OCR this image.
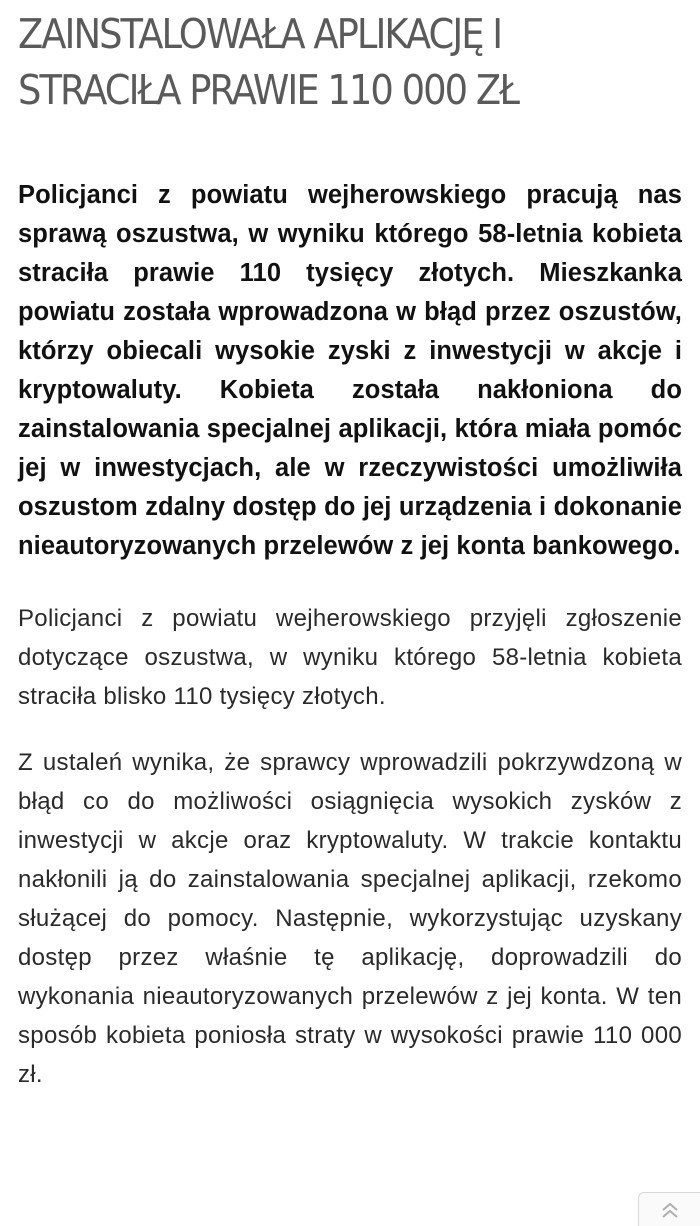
ZAINSTALOWAŁA APLIKACJĘ I STRACIŁA PRAWIE 110 000 ZŁ

Policjanci z powiatu wejherowskiego pracują nas sprawą oszustwa, w wyniku którego 58-letnia kobieta straciła prawie 110 tysięcy złotych. Mieszkanka powiatu została wprowadzona w błąd przez oszustów, którzy obiecali wysokie zyski z inwestycji w akcje i kryptowaluty. Kobieta została nakłoniona do zainstalowania specjalnej aplikacji, która miała pomóc jej w inwestycjach, ale w rzeczywistości umożliwiła oszustom zdalny dostęp do jej urządzenia i dokonanie nieautoryzowanych przelewów z jej konta bankowego.

Policjanci z powiatu wejherowskiego przyjęli zgłoszenie dotyczące oszustwa, w wyniku którego 58-letnia kobieta straciła blisko 110 tysięcy złotych.

Z ustaleń wynika, że sprawcy wprowadzili pokrzywdzoną w błąd co do możliwości osiągnięcia wysokich zysków z inwestycji w akcje oraz kryptowaluty. W trakcie kontaktu nakłonili ją do zainstalowania specjalnej aplikacji, rzekomo służącej do pomocy. Następnie, wykorzystując uzyskany dostęp przez właśnie tę aplikację, doprowadzili do wykonania nieautoryzowanych przelewów z jej konta. W ten sposób kobieta poniosła straty w wysokości prawie 110 000 zł.
